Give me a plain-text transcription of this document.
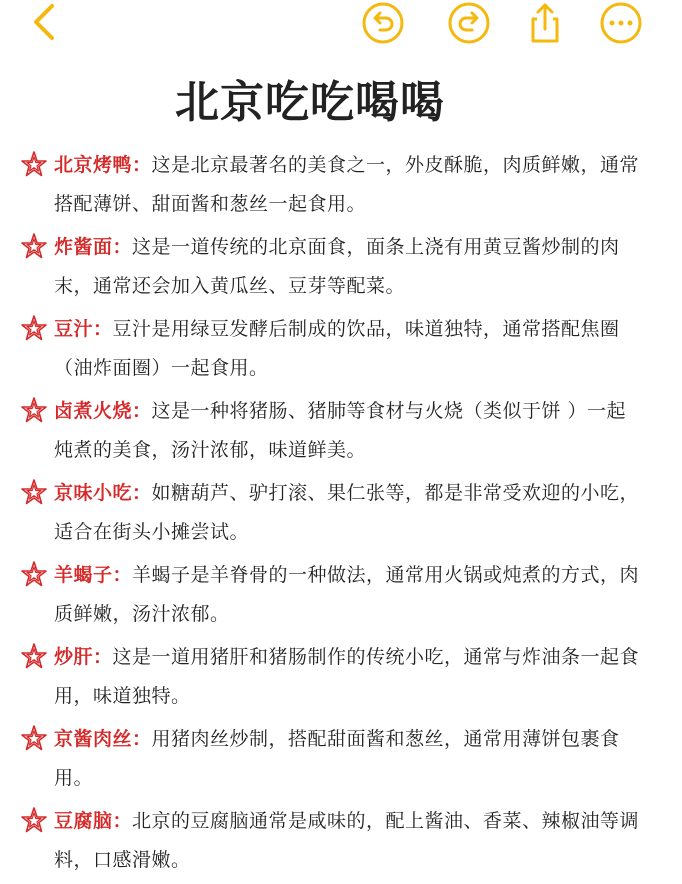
北京吃吃喝喝

北京烤鸭：这是北京最著名的美食之一，外皮酥脆，肉质鲜嫩，通常搭配薄饼、甜面酱和葱丝一起食用。

炸酱面：这是一道传统的北京面食，面条上浇有用黄豆酱炒制的肉末，通常还会加入黄瓜丝、豆芽等配菜。

豆汁：豆汁是用绿豆发酵后制成的饮品，味道独特，通常搭配焦圈（油炸面圈）一起食用。

卤煮火烧：这是一种将猪肠、猪肺等食材与火烧（类似于饼 ）一起炖煮的美食，汤汁浓郁，味道鲜美。

京味小吃：如糖葫芦、驴打滚、果仁张等，都是非常受欢迎的小吃，适合在街头小摊尝试。

羊蝎子：羊蝎子是羊脊骨的一种做法，通常用火锅或炖煮的方式，肉质鲜嫩，汤汁浓郁。

炒肝：这是一道用猪肝和猪肠制作的传统小吃，通常与炸油条一起食用，味道独特。

京酱肉丝：用猪肉丝炒制，搭配甜面酱和葱丝，通常用薄饼包裹食用。

豆腐脑：北京的豆腐脑通常是咸味的，配上酱油、香菜、辣椒油等调料，口感滑嫩。
